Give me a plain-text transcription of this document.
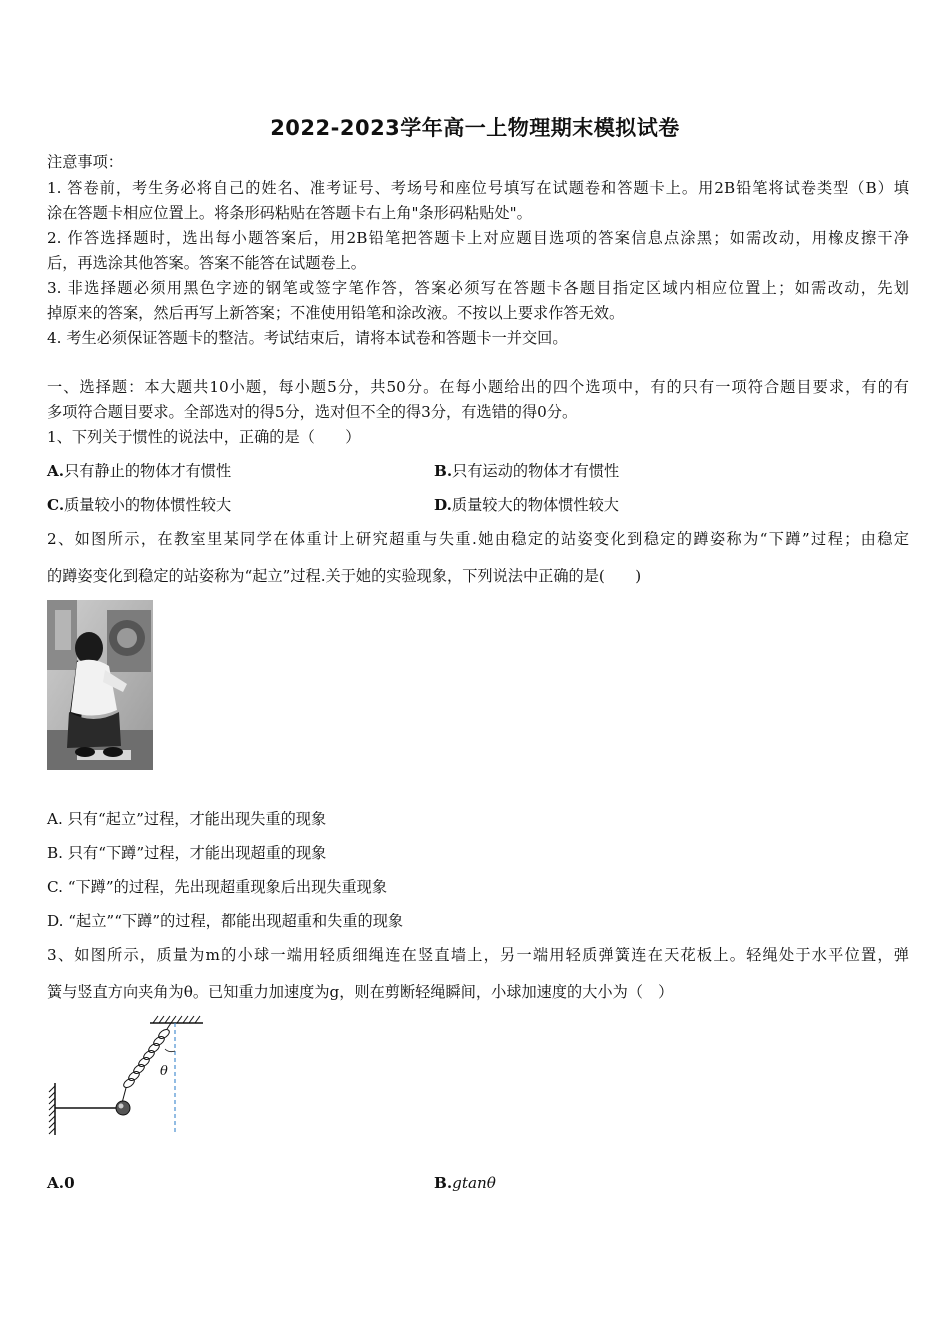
2022-2023学年高一上物理期末模拟试卷
注意事项：
1. 答卷前，考生务必将自己的姓名、准考证号、考场号和座位号填写在试题卷和答题卡上。用2B铅笔将试卷类型（B）填
涂在答题卡相应位置上。将条形码粘贴在答题卡右上角"条形码粘贴处"。
2. 作答选择题时，选出每小题答案后，用2B铅笔把答题卡上对应题目选项的答案信息点涂黑；如需改动，用橡皮擦干净
后，再选涂其他答案。答案不能答在试题卷上。
3. 非选择题必须用黑色字迹的钢笔或签字笔作答，答案必须写在答题卡各题目指定区域内相应位置上；如需改动，先划
掉原来的答案，然后再写上新答案；不准使用铅笔和涂改液。不按以上要求作答无效。
4. 考生必须保证答题卡的整洁。考试结束后，请将本试卷和答题卡一并交回。
一、选择题：本大题共10小题，每小题5分，共50分。在每小题给出的四个选项中，有的只有一项符合题目要求，有的有
多项符合题目要求。全部选对的得5分，选对但不全的得3分，有选错的得0分。
1、下列关于惯性的说法中，正确的是（　　）
A.只有静止的物体才有惯性	B.只有运动的物体才有惯性
C.质量较小的物体惯性较大	D.质量较大的物体惯性较大
2、如图所示，在教室里某同学在体重计上研究超重与失重.她由稳定的站姿变化到稳定的蹲姿称为“下蹲”过程；由稳定
的蹲姿变化到稳定的站姿称为“起立”过程.关于她的实验现象，下列说法中正确的是(　　)
A. 只有“起立”过程，才能出现失重的现象
B. 只有“下蹲”过程，才能出现超重的现象
C. “下蹲”的过程，先出现超重现象后出现失重现象
D. “起立”“下蹲”的过程，都能出现超重和失重的现象
3、如图所示，质量为m的小球一端用轻质细绳连在竖直墙上，另一端用轻质弹簧连在天花板上。轻绳处于水平位置，弹
簧与竖直方向夹角为θ。已知重力加速度为g，则在剪断轻绳瞬间，小球加速度的大小为（　）
θ
A.0	B.gtanθ
